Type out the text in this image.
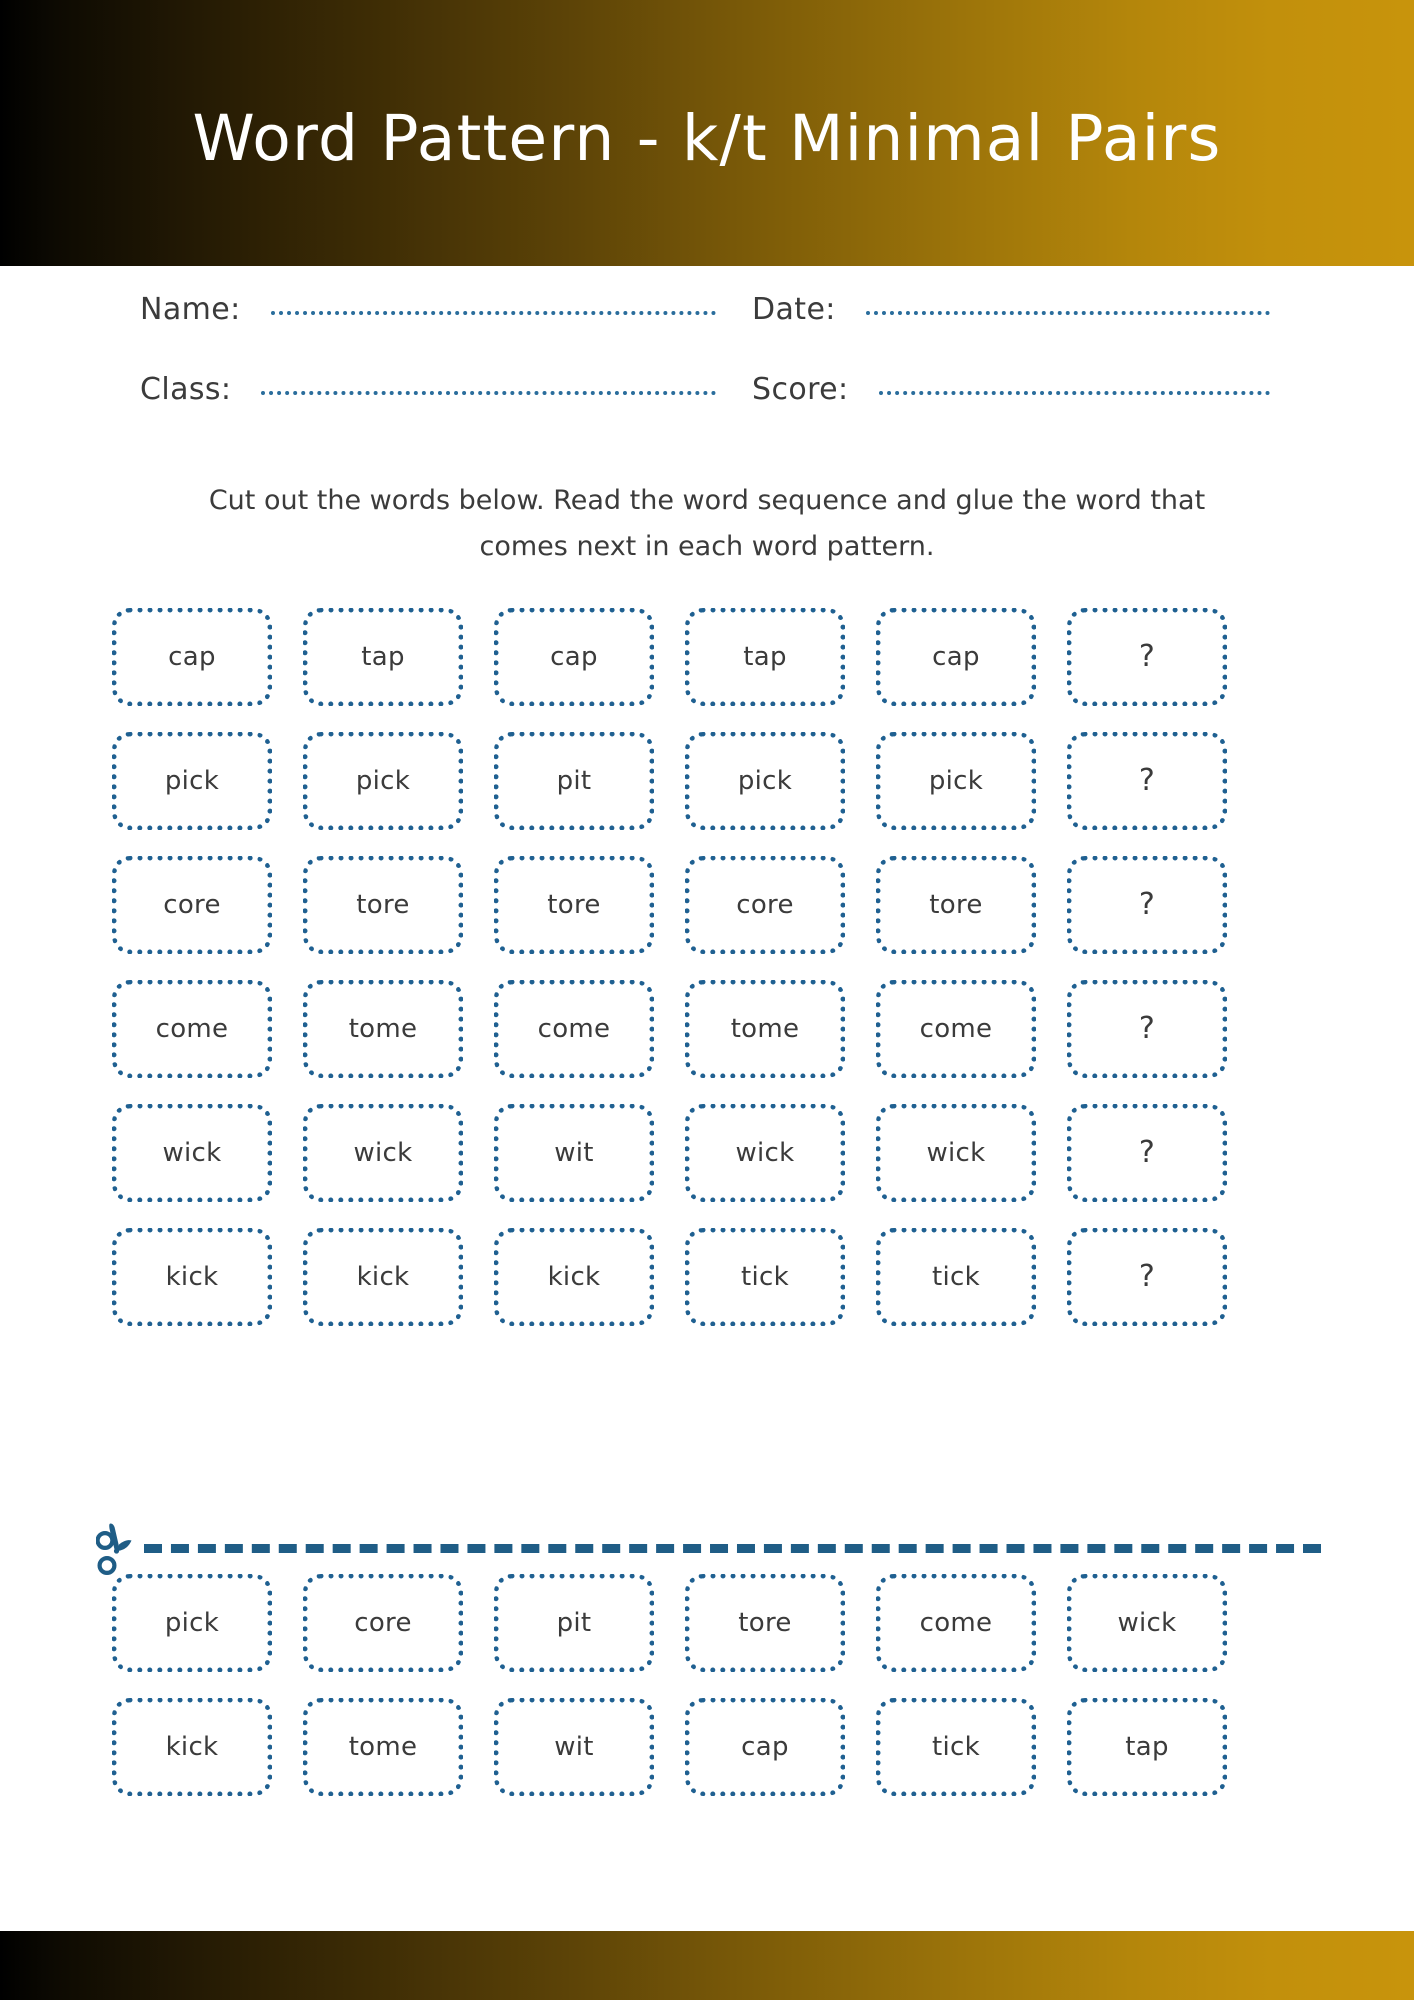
Word Pattern - k/t Minimal Pairs
Name:	Date:
Class:	Score:
Cut out the words below. Read the word sequence and glue the word that
comes next in each word pattern.
cap	tap	cap	tap	cap	?
pick	pick	pit	pick	pick	?
core	tore	tore	core	tore	?
come	tome	come	tome	come	?
wick	wick	wit	wick	wick	?
kick	kick	kick	tick	tick	?
pick	core	pit	tore	come	wick
kick	tome	wit	cap	tick	tap
